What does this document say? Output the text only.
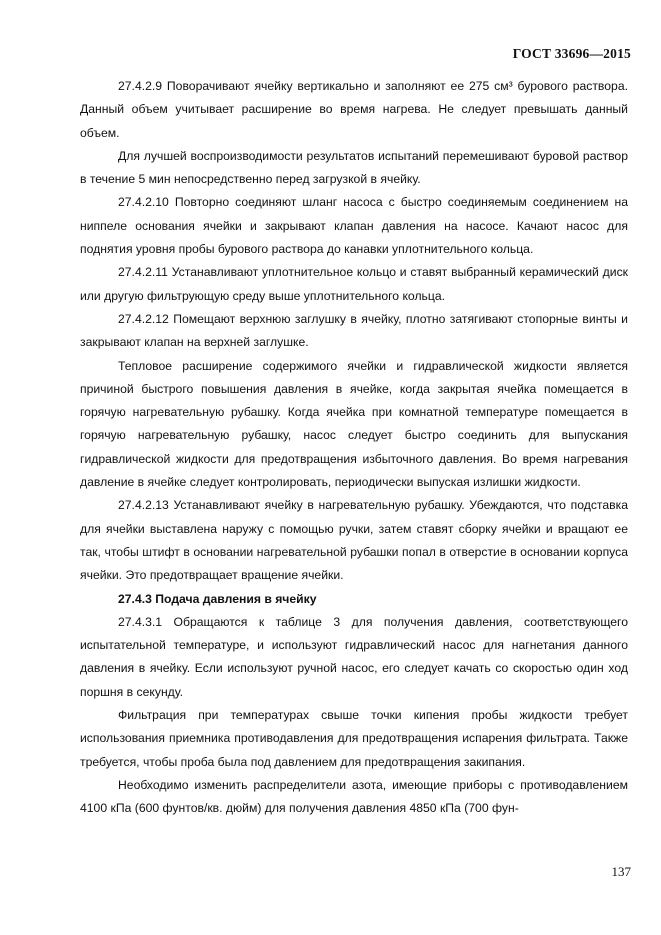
ГОСТ 33696—2015

27.4.2.9 Поворачивают ячейку вертикально и заполняют ее 275 см³ бурового раствора. Данный объем учитывает расширение во время нагрева. Не следует превышать данный объем.

Для лучшей воспроизводимости результатов испытаний перемешивают буровой раствор в течение 5 мин непосредственно перед загрузкой в ячейку.

27.4.2.10 Повторно соединяют шланг насоса с быстро соединяемым соединением на ниппеле основания ячейки и закрывают клапан давления на насосе. Качают насос для поднятия уровня пробы бурового раствора до канавки уплотнительного кольца.

27.4.2.11 Устанавливают уплотнительное кольцо и ставят выбранный керамический диск или другую фильтрующую среду выше уплотнительного кольца.

27.4.2.12 Помещают верхнюю заглушку в ячейку, плотно затягивают стопорные винты и закрывают клапан на верхней заглушке.

Тепловое расширение содержимого ячейки и гидравлической жидкости является причиной быстрого повышения давления в ячейке, когда закрытая ячейка помещается в горячую нагревательную рубашку. Когда ячейка при комнатной температуре помещается в горячую нагревательную рубашку, насос следует быстро соединить для выпускания гидравлической жидкости для предотвращения избыточного давления. Во время нагревания давление в ячейке следует контролировать, периодически выпуская излишки жидкости.

27.4.2.13 Устанавливают ячейку в нагревательную рубашку. Убеждаются, что подставка для ячейки выставлена наружу с помощью ручки, затем ставят сборку ячейки и вращают ее так, чтобы штифт в основании нагревательной рубашки попал в отверстие в основании корпуса ячейки. Это предотвращает вращение ячейки.

27.4.3 Подача давления в ячейку

27.4.3.1 Обращаются к таблице 3 для получения давления, соответствующего испытательной температуре, и используют гидравлический насос для нагнетания данного давления в ячейку. Если используют ручной насос, его следует качать со скоростью один ход поршня в секунду.

Фильтрация при температурах свыше точки кипения пробы жидкости требует использования приемника противодавления для предотвращения испарения фильтрата. Также требуется, чтобы проба была под давлением для предотвращения закипания.

Необходимо изменить распределители азота, имеющие приборы с противодавлением 4100 кПа (600 фунтов/кв. дюйм) для получения давления 4850 кПа (700 фун-

137
